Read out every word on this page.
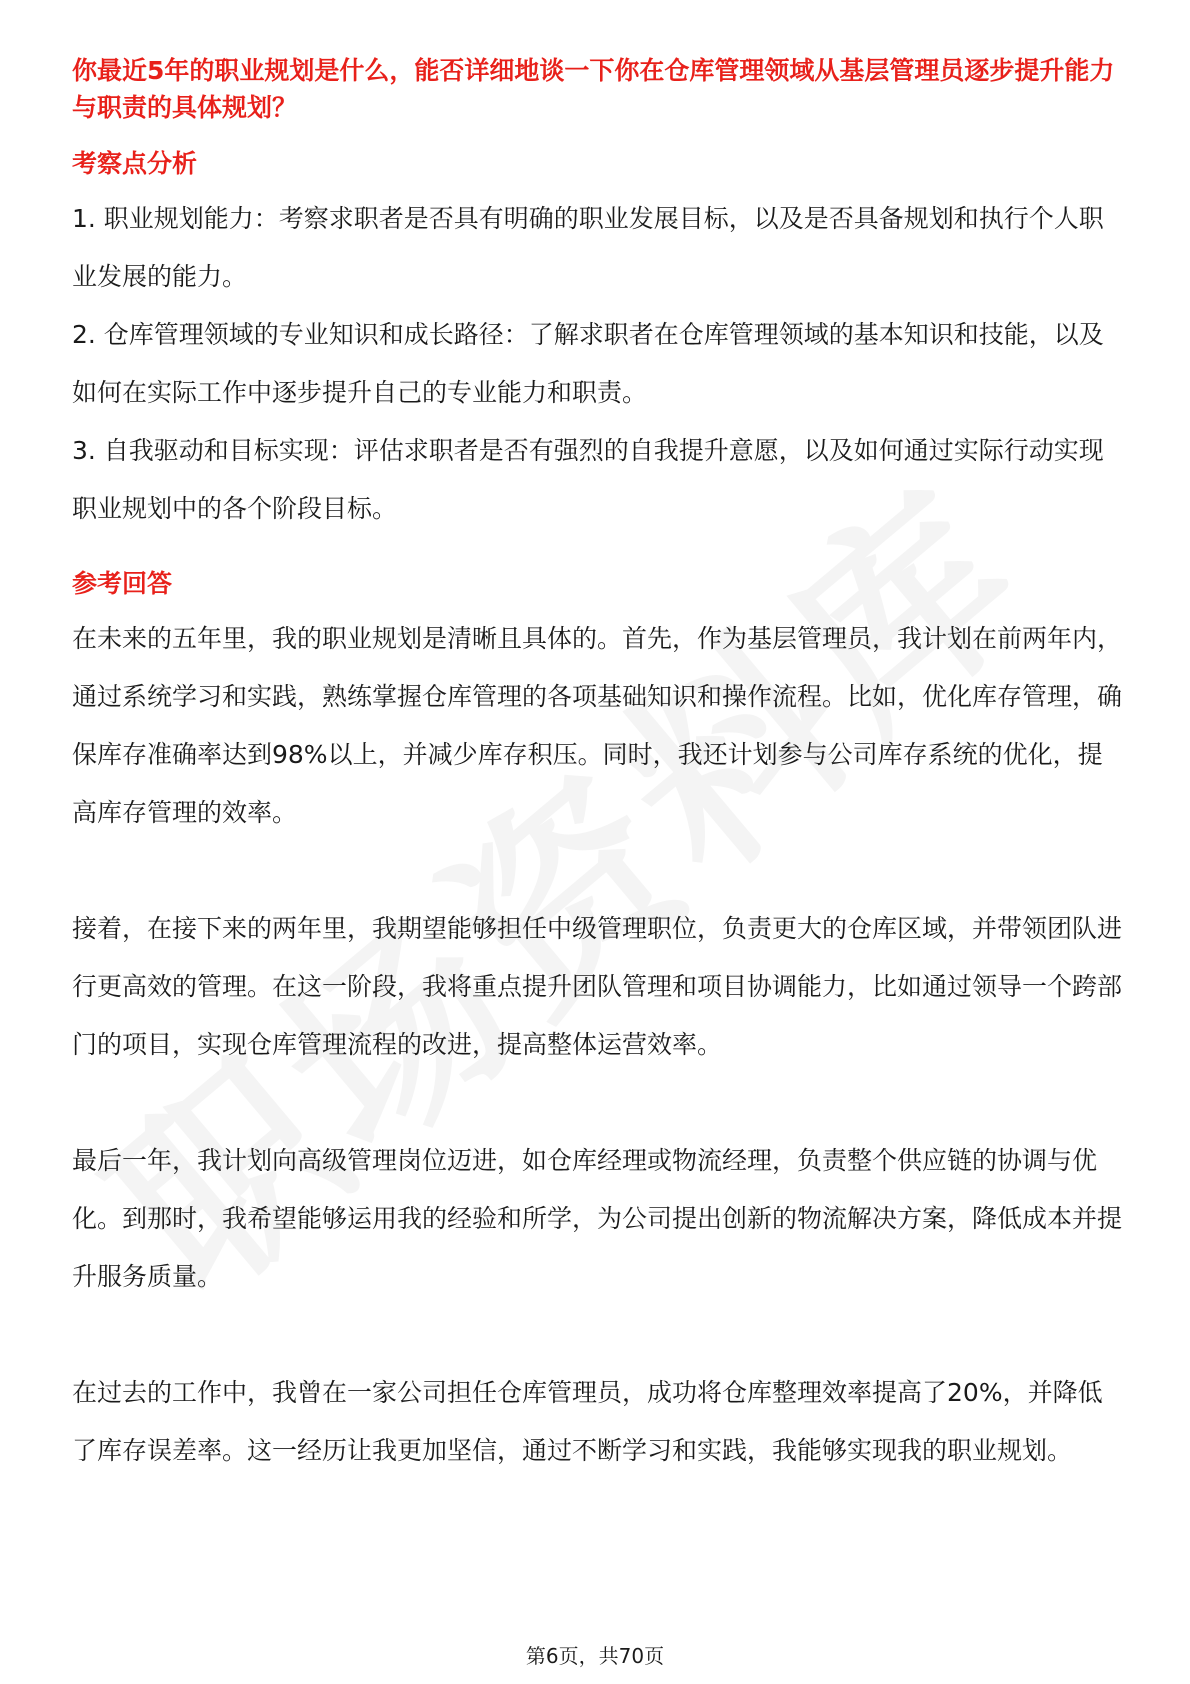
你最近5年的职业规划是什么，能否详细地谈一下你在仓库管理领域从基层管理员逐步提升能力与职责的具体规划？
考察点分析
1. 职业规划能力：考察求职者是否具有明确的职业发展目标，以及是否具备规划和执行个人职业发展的能力。
2. 仓库管理领域的专业知识和成长路径：了解求职者在仓库管理领域的基本知识和技能，以及如何在实际工作中逐步提升自己的专业能力和职责。
3. 自我驱动和目标实现：评估求职者是否有强烈的自我提升意愿，以及如何通过实际行动实现职业规划中的各个阶段目标。
参考回答
在未来的五年里，我的职业规划是清晰且具体的。首先，作为基层管理员，我计划在前两年内，通过系统学习和实践，熟练掌握仓库管理的各项基础知识和操作流程。比如，优化库存管理，确保库存准确率达到98%以上，并减少库存积压。同时，我还计划参与公司库存系统的优化，提高库存管理的效率。
接着，在接下来的两年里，我期望能够担任中级管理职位，负责更大的仓库区域，并带领团队进行更高效的管理。在这一阶段，我将重点提升团队管理和项目协调能力，比如通过领导一个跨部门的项目，实现仓库管理流程的改进，提高整体运营效率。
最后一年，我计划向高级管理岗位迈进，如仓库经理或物流经理，负责整个供应链的协调与优化。到那时，我希望能够运用我的经验和所学，为公司提出创新的物流解决方案，降低成本并提升服务质量。
在过去的工作中，我曾在一家公司担任仓库管理员，成功将仓库整理效率提高了20%，并降低了库存误差率。这一经历让我更加坚信，通过不断学习和实践，我能够实现我的职业规划。
第6页，共70页
